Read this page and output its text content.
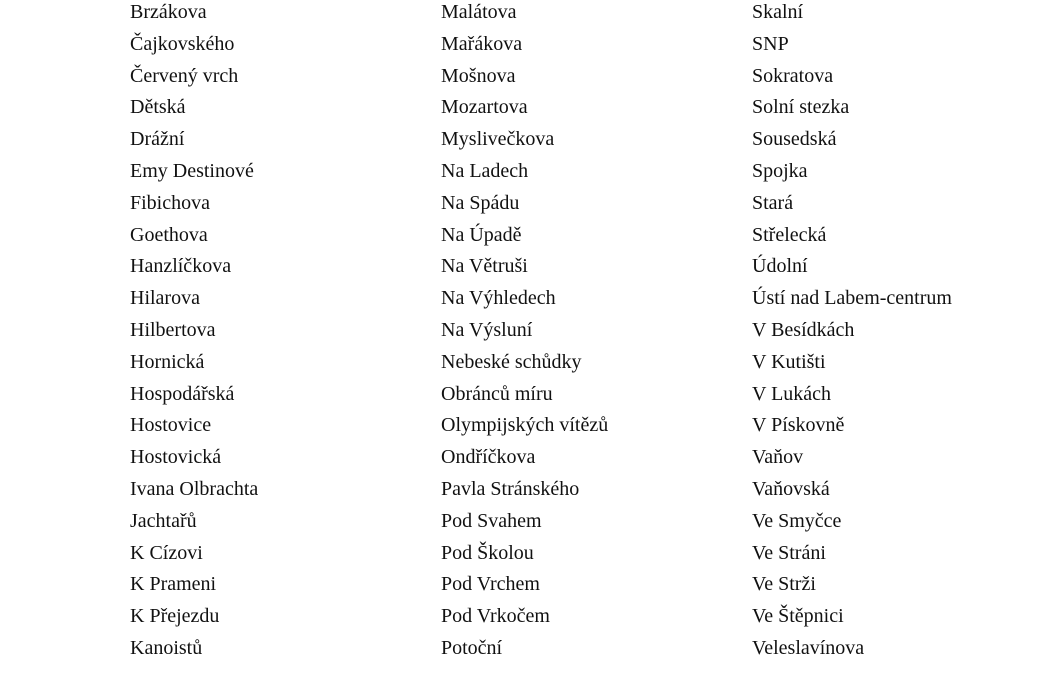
Brzákova
Čajkovského
Červený vrch
Dětská
Drážní
Emy Destinové
Fibichova
Goethova
Hanzlíčkova
Hilarova
Hilbertova
Hornická
Hospodářská
Hostovice
Hostovická
Ivana Olbrachta
Jachtařů
K Cízovi
K Prameni
K Přejezdu
Kanoistů
Malátova
Mařákova
Mošnova
Mozartova
Myslivečkova
Na Ladech
Na Spádu
Na Úpadě
Na Větruši
Na Výhledech
Na Výsluní
Nebeské schůdky
Obránců míru
Olympijských vítězů
Ondříčkova
Pavla Stránského
Pod Svahem
Pod Školou
Pod Vrchem
Pod Vrkočem
Potoční
Skalní
SNP
Sokratova
Solní stezka
Sousedská
Spojka
Stará
Střelecká
Údolní
Ústí nad Labem-centrum
V Besídkách
V Kutišti
V Lukách
V Pískovně
Vaňov
Vaňovská
Ve Smyčce
Ve Stráni
Ve Strži
Ve Štěpnici
Veleslavínova
